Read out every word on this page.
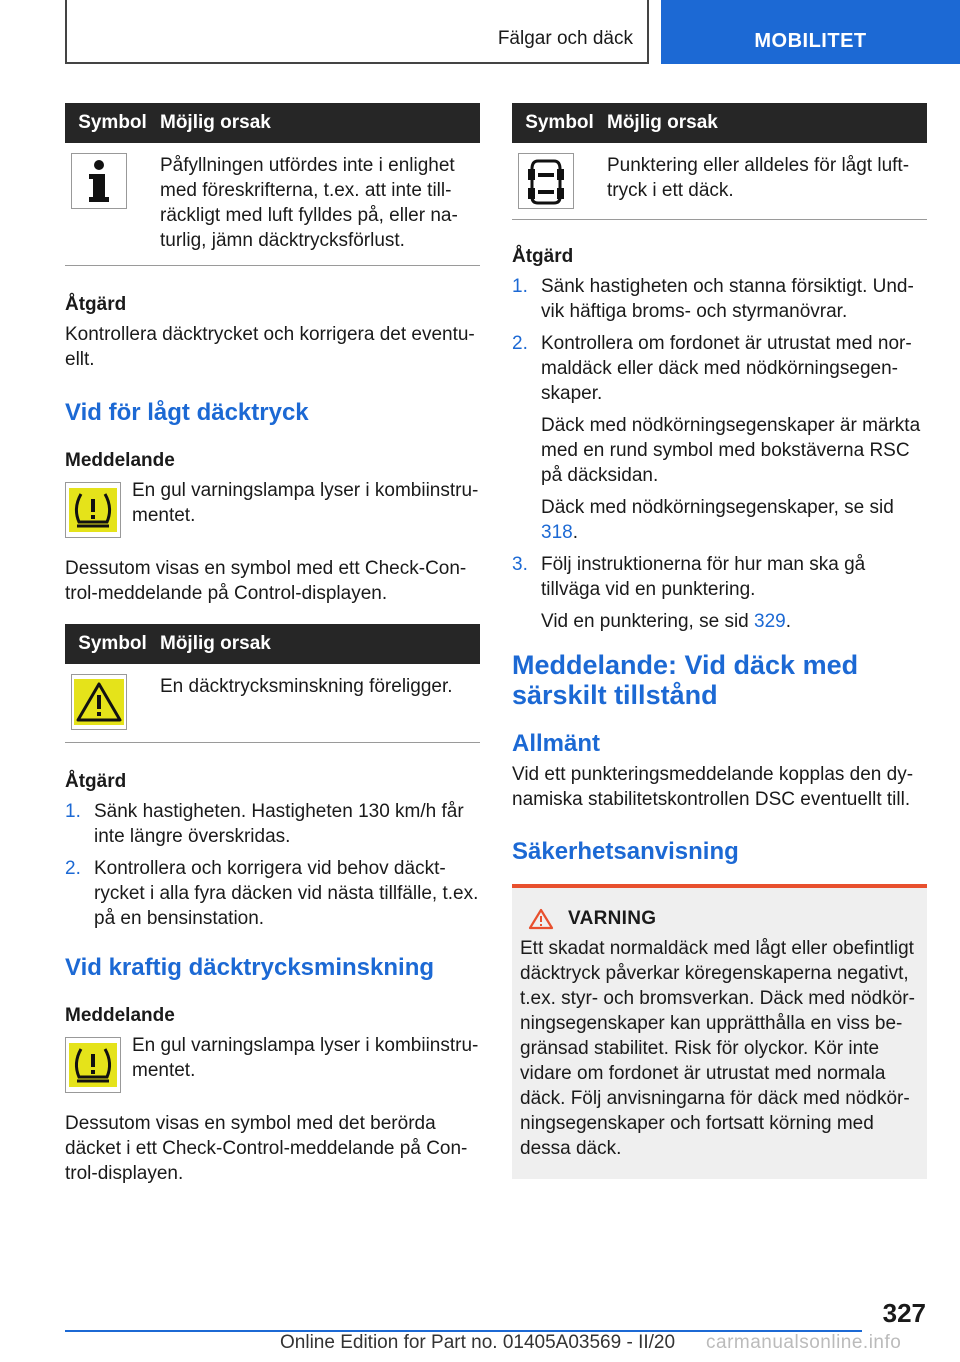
Fälgar och däck	MOBILITET
Symbol	Möjlig orsak

	Påfyllningen utfördes inte i enlighet med föreskrifterna, t.ex. att inte till-räckligt med luft fylldes på, eller na-turlig, jämn däcktrycksförlust.
Åtgärd

Kontrollera däcktrycket och korrigera det eventu-ellt.

Vid för lågt däcktryck
Meddelande
En gul varningslampa lyser i kombiinstru-mentet.

Dessutom visas en symbol med ett Check-Con-trol-meddelande på Control-displayen.

Symbol	Möjlig orsak

	En däcktrycksminskning föreligger.
Åtgärd
1. Sänk hastigheten. Hastigheten 130 km/h får inte längre överskridas.
2. Kontrollera och korrigera vid behov däckt-rycket i alla fyra däcken vid nästa tillfälle, t.ex. på en bensinstation.
Vid kraftig däcktrycksminskning
Meddelande
En gul varningslampa lyser i kombiinstru-mentet.

Dessutom visas en symbol med det berörda däcket i ett Check-Control-meddelande på Con-trol-displayen.

Symbol	Möjlig orsak

	Punktering eller alldeles för lågt luft-tryck i ett däck.
Åtgärd
1. Sänk hastigheten och stanna försiktigt. Und-vik häftiga broms- och styrmanövrar.
2. Kontrollera om fordonet är utrustat med nor-maldäck eller däck med nödkörningsegen-skaper.

Däck med nödkörningsegenskaper är märkta med en rund symbol med bokstäverna RSC på däcksidan.

Däck med nödkörningsegenskaper, se sid 318.

3. Följ instruktionerna för hur man ska gå tillväga vid en punktering.

Vid en punktering, se sid 329.

Meddelande: Vid däck med särskilt tillstånd
Allmänt

Vid ett punkteringsmeddelande kopplas den dy-namiska stabilitetskontrollen DSC eventuellt till.

Säkerhetsanvisning
VARNING
Ett skadat normaldäck med lågt eller obefintligt däcktryck påverkar köregenskaperna negativt, t.ex. styr- och bromsverkan. Däck med nödkör-ningsegenskaper kan upprätthålla en viss be-gränsad stabilitet. Risk för olyckor. Kör inte vidare om fordonet är utrustat med normala däck. Följ anvisningarna för däck med nödkör-ningsegenskaper och fortsatt körning med dessa däck.
327
Online Edition for Part no. 01405A03569 - II/20 carmanualsonline.info
